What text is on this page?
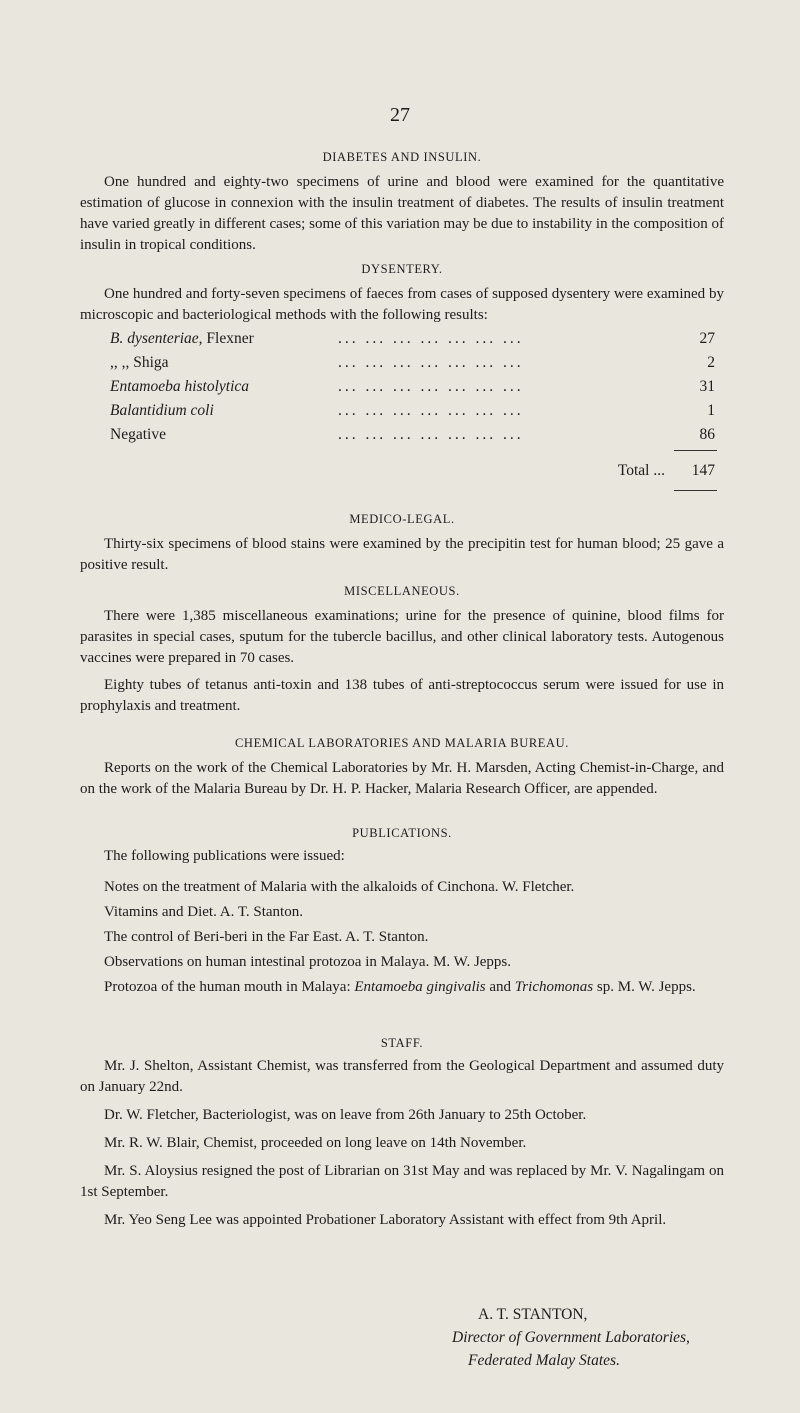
27
DIABETES AND INSULIN.

One hundred and eighty-two specimens of urine and blood were examined for the quantitative estimation of glucose in connexion with the insulin treatment of diabetes. The results of insulin treatment have varied greatly in different cases; some of this variation may be due to instability in the composition of insulin in tropical conditions.

DYSENTERY.

One hundred and forty-seven specimens of faeces from cases of supposed dysentery were examined by microscopic and bacteriological methods with the following results:

B. dysenteriae, Flexner	... ... ... ... ... ... ...	27
,, ,, Shiga	... ... ... ... ... ... ...	2
Entamoeba histolytica	... ... ... ... ... ... ...	31
Balantidium coli	... ... ... ... ... ... ...	1
Negative	... ... ... ... ... ... ...	86
Total ... 147
MEDICO-LEGAL.

Thirty-six specimens of blood stains were examined by the precipitin test for human blood; 25 gave a positive result.

MISCELLANEOUS.

There were 1,385 miscellaneous examinations; urine for the presence of quinine, blood films for parasites in special cases, sputum for the tubercle bacillus, and other clinical laboratory tests. Autogenous vaccines were prepared in 70 cases.

Eighty tubes of tetanus anti-toxin and 138 tubes of anti-streptococcus serum were issued for use in prophylaxis and treatment.

CHEMICAL LABORATORIES AND MALARIA BUREAU.

Reports on the work of the Chemical Laboratories by Mr. H. Marsden, Acting Chemist-in-Charge, and on the work of the Malaria Bureau by Dr. H. P. Hacker, Malaria Research Officer, are appended.

PUBLICATIONS.

The following publications were issued:

Notes on the treatment of Malaria with the alkaloids of Cinchona. W. Fletcher.
Vitamins and Diet. A. T. Stanton.
The control of Beri-beri in the Far East. A. T. Stanton.
Observations on human intestinal protozoa in Malaya. M. W. Jepps.
Protozoa of the human mouth in Malaya: Entamoeba gingivalis and Trichomonas sp. M. W. Jepps.
STAFF.

Mr. J. Shelton, Assistant Chemist, was transferred from the Geological Department and assumed duty on January 22nd.

Dr. W. Fletcher, Bacteriologist, was on leave from 26th January to 25th October.

Mr. R. W. Blair, Chemist, proceeded on long leave on 14th November.

Mr. S. Aloysius resigned the post of Librarian on 31st May and was replaced by Mr. V. Nagalingam on 1st September.

Mr. Yeo Seng Lee was appointed Probationer Laboratory Assistant with effect from 9th April.

A. T. STANTON,
Director of Government Laboratories,
Federated Malay States.
